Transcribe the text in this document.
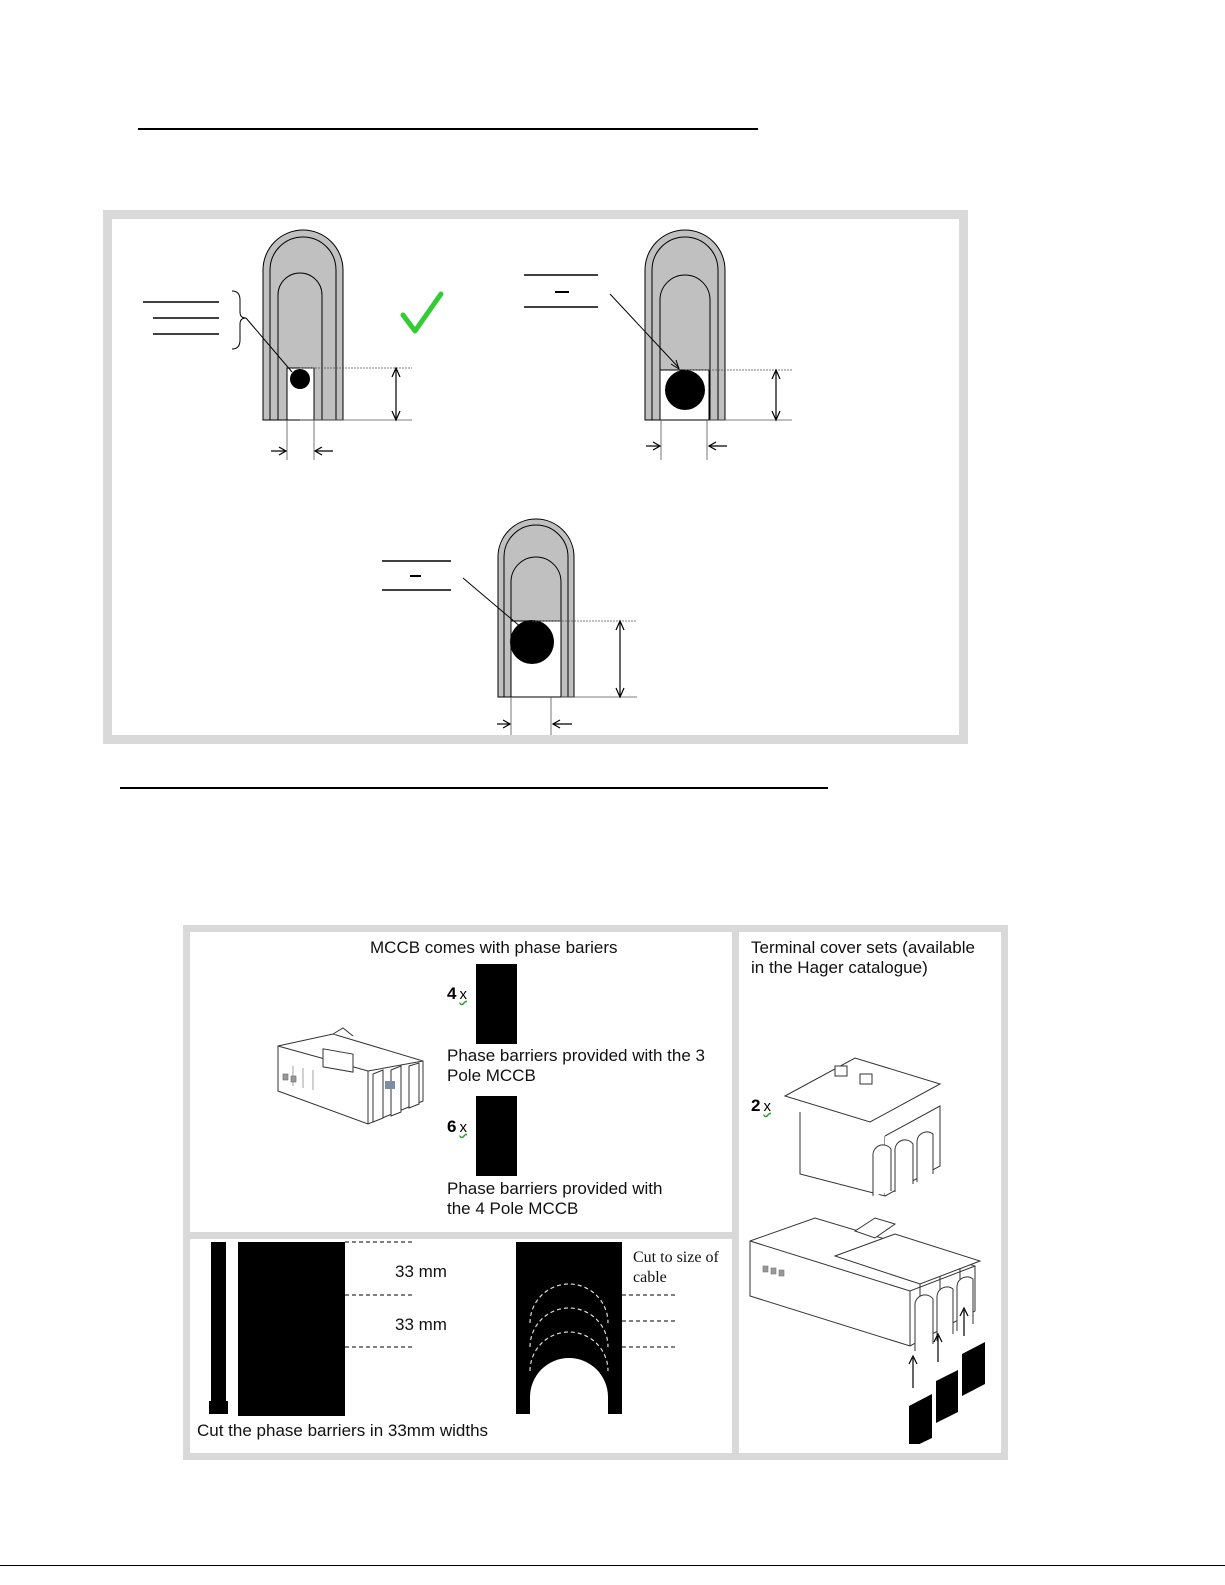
MCCB comes with phase bariers
4 x
Phase barriers provided with the 3
Pole MCCB
6 x
Phase barriers provided with
the 4 Pole MCCB
33 mm
33 mm
Cut to size of
cable
Cut the phase barriers in 33mm widths
Terminal cover sets (available
in the Hager catalogue)
2 x
